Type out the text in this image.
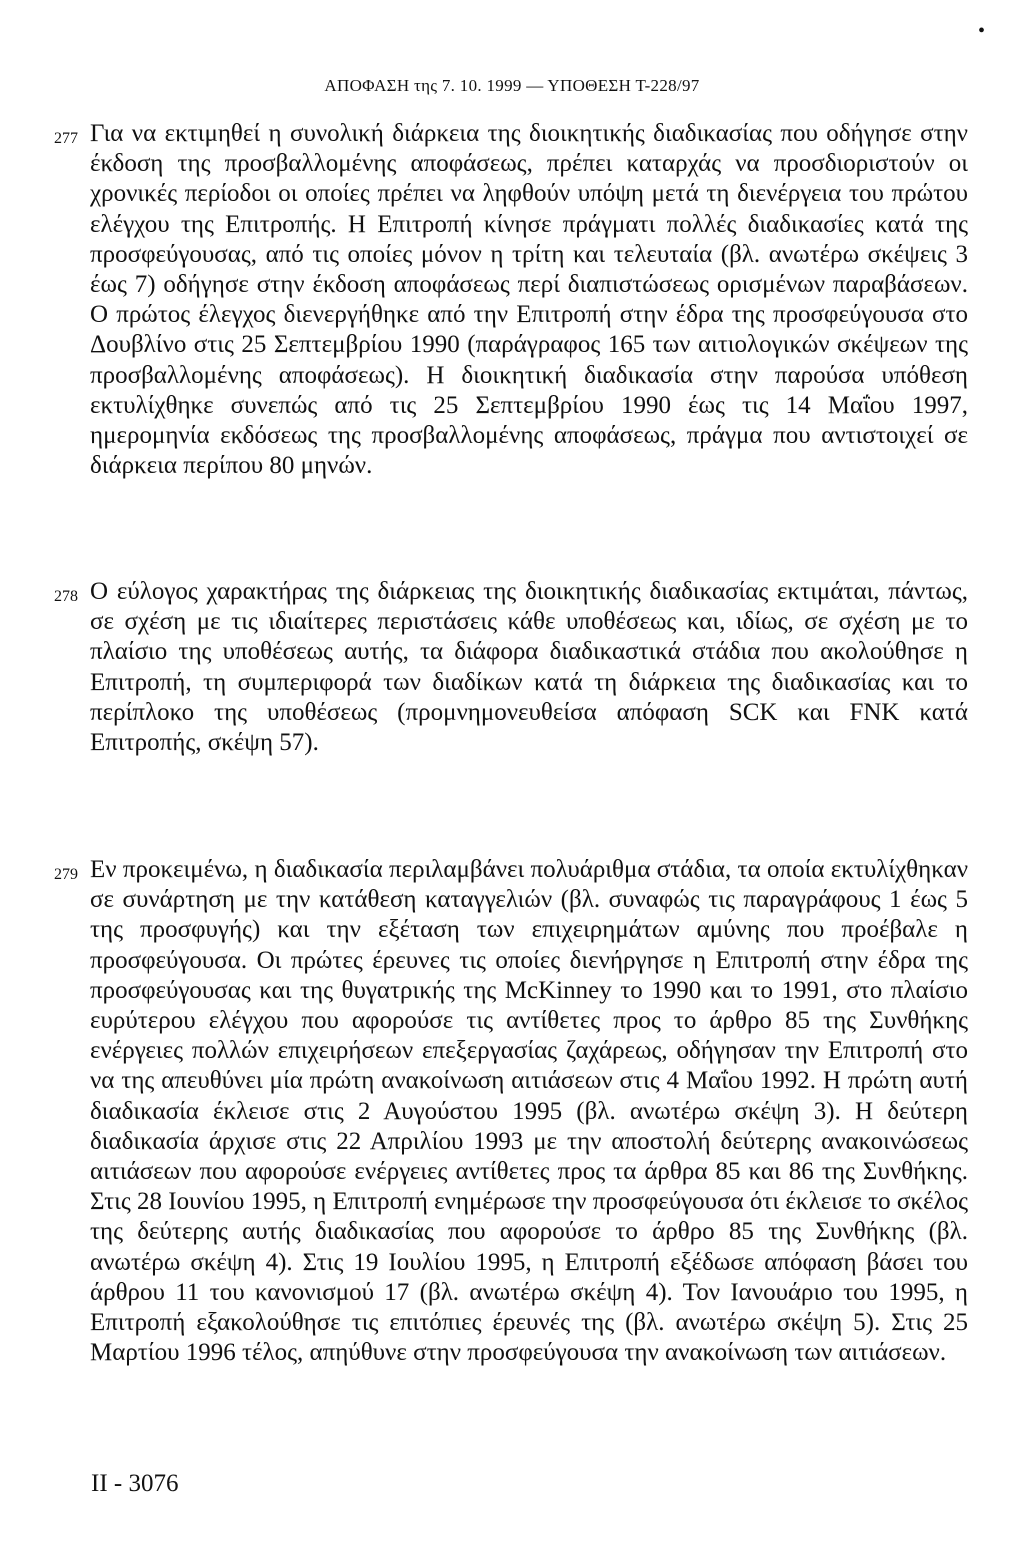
•
ΑΠΟΦΑΣΗ της 7. 10. 1999 — ΥΠΟΘΕΣΗ Τ-228/97
277 Για να εκτιμηθεί η συνολική διάρκεια της διοικητικής διαδικασίας που οδήγησε στην έκδοση της προσβαλλομένης αποφάσεως, πρέπει καταρχάς να προσδιοριστούν οι χρονικές περίοδοι οι οποίες πρέπει να ληφθούν υπόψη μετά τη διενέργεια του πρώτου ελέγχου της Επιτροπής. Η Επιτροπή κίνησε πράγματι πολλές διαδικασίες κατά της προσφεύγουσας, από τις οποίες μόνον η τρίτη και τελευταία (βλ. ανωτέρω σκέψεις 3 έως 7) οδήγησε στην έκδοση αποφάσεως περί διαπιστώσεως ορισμένων παραβάσεων. Ο πρώτος έλεγχος διενεργήθηκε από την Επιτροπή στην έδρα της προσφεύγουσα στο Δουβλίνο στις 25 Σεπτεμβρίου 1990 (παράγραφος 165 των αιτιολογικών σκέψεων της προσβαλλομένης αποφάσεως). Η διοικητική διαδικασία στην παρούσα υπόθεση εκτυλίχθηκε συνεπώς από τις 25 Σεπτεμβρίου 1990 έως τις 14 Μαΐου 1997, ημερομηνία εκδόσεως της προσβαλλομένης αποφάσεως, πράγμα που αντιστοιχεί σε διάρκεια περίπου 80 μηνών.

278 Ο εύλογος χαρακτήρας της διάρκειας της διοικητικής διαδικασίας εκτιμάται, πάντως, σε σχέση με τις ιδιαίτερες περιστάσεις κάθε υποθέσεως και, ιδίως, σε σχέση με το πλαίσιο της υποθέσεως αυτής, τα διάφορα διαδικαστικά στάδια που ακολούθησε η Επιτροπή, τη συμπεριφορά των διαδίκων κατά τη διάρκεια της διαδικασίας και το περίπλοκο της υποθέσεως (προμνημονευθείσα απόφαση SCK και FNK κατά Επιτροπής, σκέψη 57).

279 Εν προκειμένω, η διαδικασία περιλαμβάνει πολυάριθμα στάδια, τα οποία εκτυλίχθηκαν σε συνάρτηση με την κατάθεση καταγγελιών (βλ. συναφώς τις παραγράφους 1 έως 5 της προσφυγής) και την εξέταση των επιχειρημάτων αμύνης που προέβαλε η προσφεύγουσα. Οι πρώτες έρευνες τις οποίες διενήργησε η Επιτροπή στην έδρα της προσφεύγουσας και της θυγατρικής της McKinney το 1990 και το 1991, στο πλαίσιο ευρύτερου ελέγχου που αφορούσε τις αντίθετες προς το άρθρο 85 της Συνθήκης ενέργειες πολλών επιχειρήσεων επεξεργασίας ζαχάρεως, οδήγησαν την Επιτροπή στο να της απευθύνει μία πρώτη ανακοίνωση αιτιάσεων στις 4 Μαΐου 1992. Η πρώτη αυτή διαδικασία έκλεισε στις 2 Αυγούστου 1995 (βλ. ανωτέρω σκέψη 3). Η δεύτερη διαδικασία άρχισε στις 22 Απριλίου 1993 με την αποστολή δεύτερης ανακοινώσεως αιτιάσεων που αφορούσε ενέργειες αντίθετες προς τα άρθρα 85 και 86 της Συνθήκης. Στις 28 Ιουνίου 1995, η Επιτροπή ενημέρωσε την προσφεύγουσα ότι έκλεισε το σκέλος της δεύτερης αυτής διαδικασίας που αφορούσε το άρθρο 85 της Συνθήκης (βλ. ανωτέρω σκέψη 4). Στις 19 Ιουλίου 1995, η Επιτροπή εξέδωσε απόφαση βάσει του άρθρου 11 του κανονισμού 17 (βλ. ανωτέρω σκέψη 4). Τον Ιανουάριο του 1995, η Επιτροπή εξακολούθησε τις επιτόπιες έρευνές της (βλ. ανωτέρω σκέψη 5). Στις 25 Μαρτίου 1996 τέλος, απηύθυνε στην προσφεύγουσα την ανακοίνωση των αιτιάσεων.

II - 3076
